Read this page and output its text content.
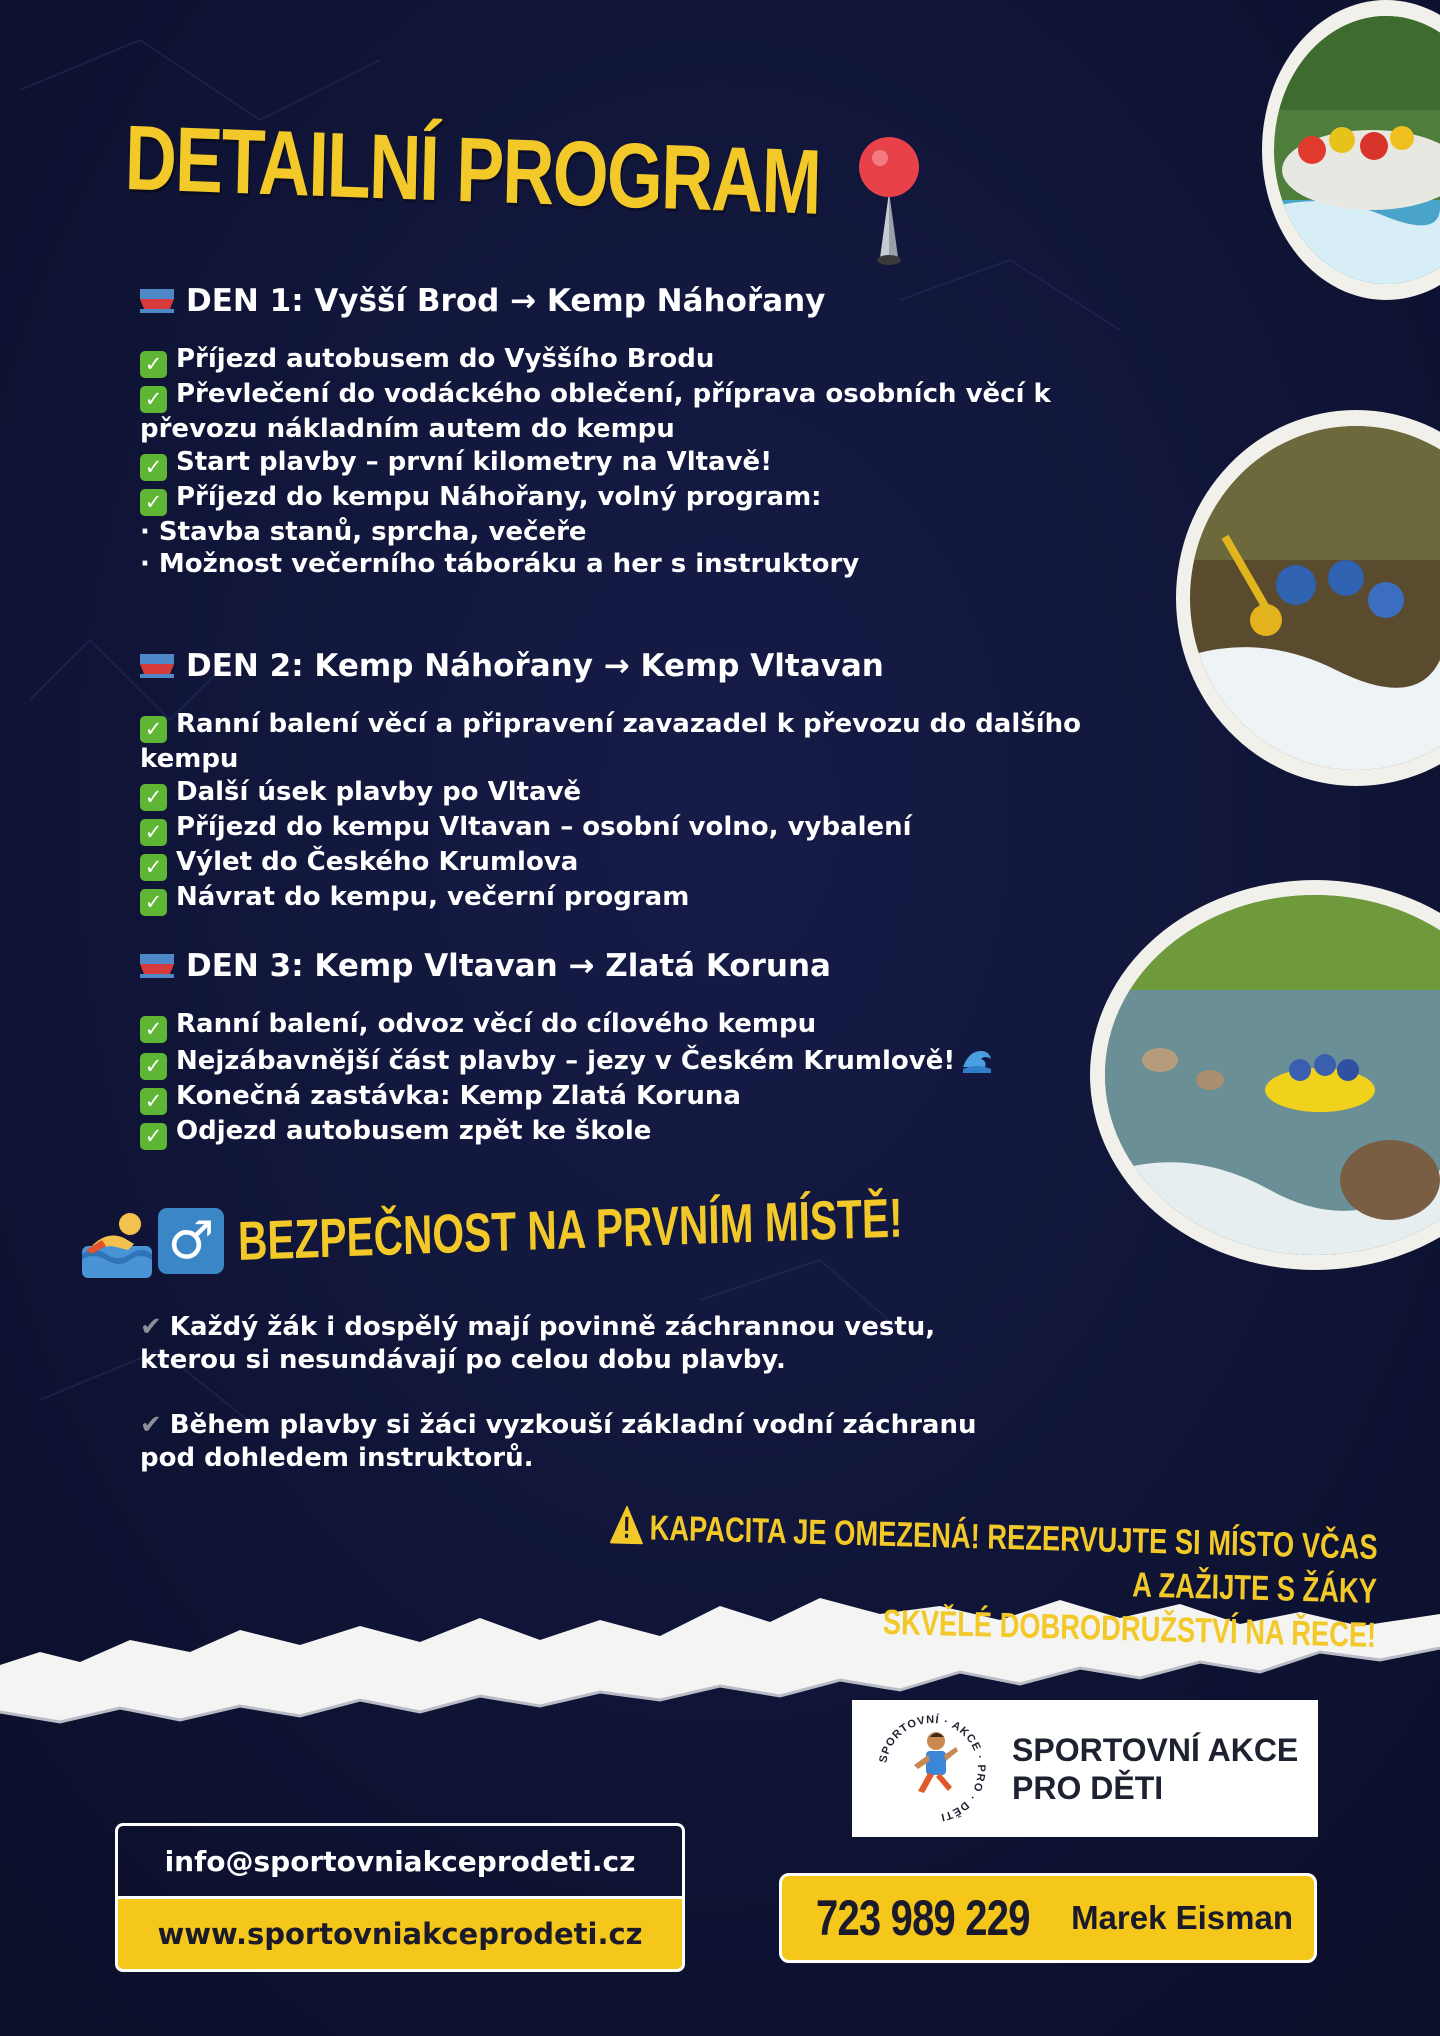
DETAILNÍ PROGRAM
DEN 1: Vyšší Brod → Kemp Náhořany

✓ Příjezd autobusem do Vyššího Brodu

✓ Převlečení do vodáckého oblečení, příprava osobních věcí k převozu nákladním autem do kempu

✓ Start plavby – první kilometry na Vltavě!

✓ Příjezd do kempu Náhořany, volný program:

· Stavba stanů, sprcha, večeře

· Možnost večerního táboráku a her s instruktory

DEN 2: Kemp Náhořany → Kemp Vltavan

✓ Ranní balení věcí a připravení zavazadel k převozu do dalšího kempu

✓ Další úsek plavby po Vltavě

✓ Příjezd do kempu Vltavan – osobní volno, vybalení

✓ Výlet do Českého Krumlova

✓ Návrat do kempu, večerní program

DEN 3: Kemp Vltavan → Zlatá Koruna

✓ Ranní balení, odvoz věcí do cílového kempu

✓ Nejzábavnější část plavby – jezy v Českém Krumlově!

✓ Konečná zastávka: Kemp Zlatá Koruna

✓ Odjezd autobusem zpět ke škole

♂ BEZPEČNOST NA PRVNÍM MÍSTĚ!

✔ Každý žák i dospělý mají povinně záchrannou vestu,

kterou si nesundávají po celou dobu plavby.

✔ Během plavby si žáci vyzkouší základní vodní záchranu

pod dohledem instruktorů.

KAPACITA JE OMEZENÁ! REZERVUJTE SI MÍSTO VČAS A ZAŽIJTE S ŽÁKY
SKVĚLÉ DOBRODRUŽSTVÍ NA ŘECE!
SPORTOVNÍ · AKCE · PRO · DĚTI
SPORTOVNÍ AKCE
PRO DĚTI
info@sportovniakceprodeti.cz
www.sportovniakceprodeti.cz	723 989 229 Marek Eisman
